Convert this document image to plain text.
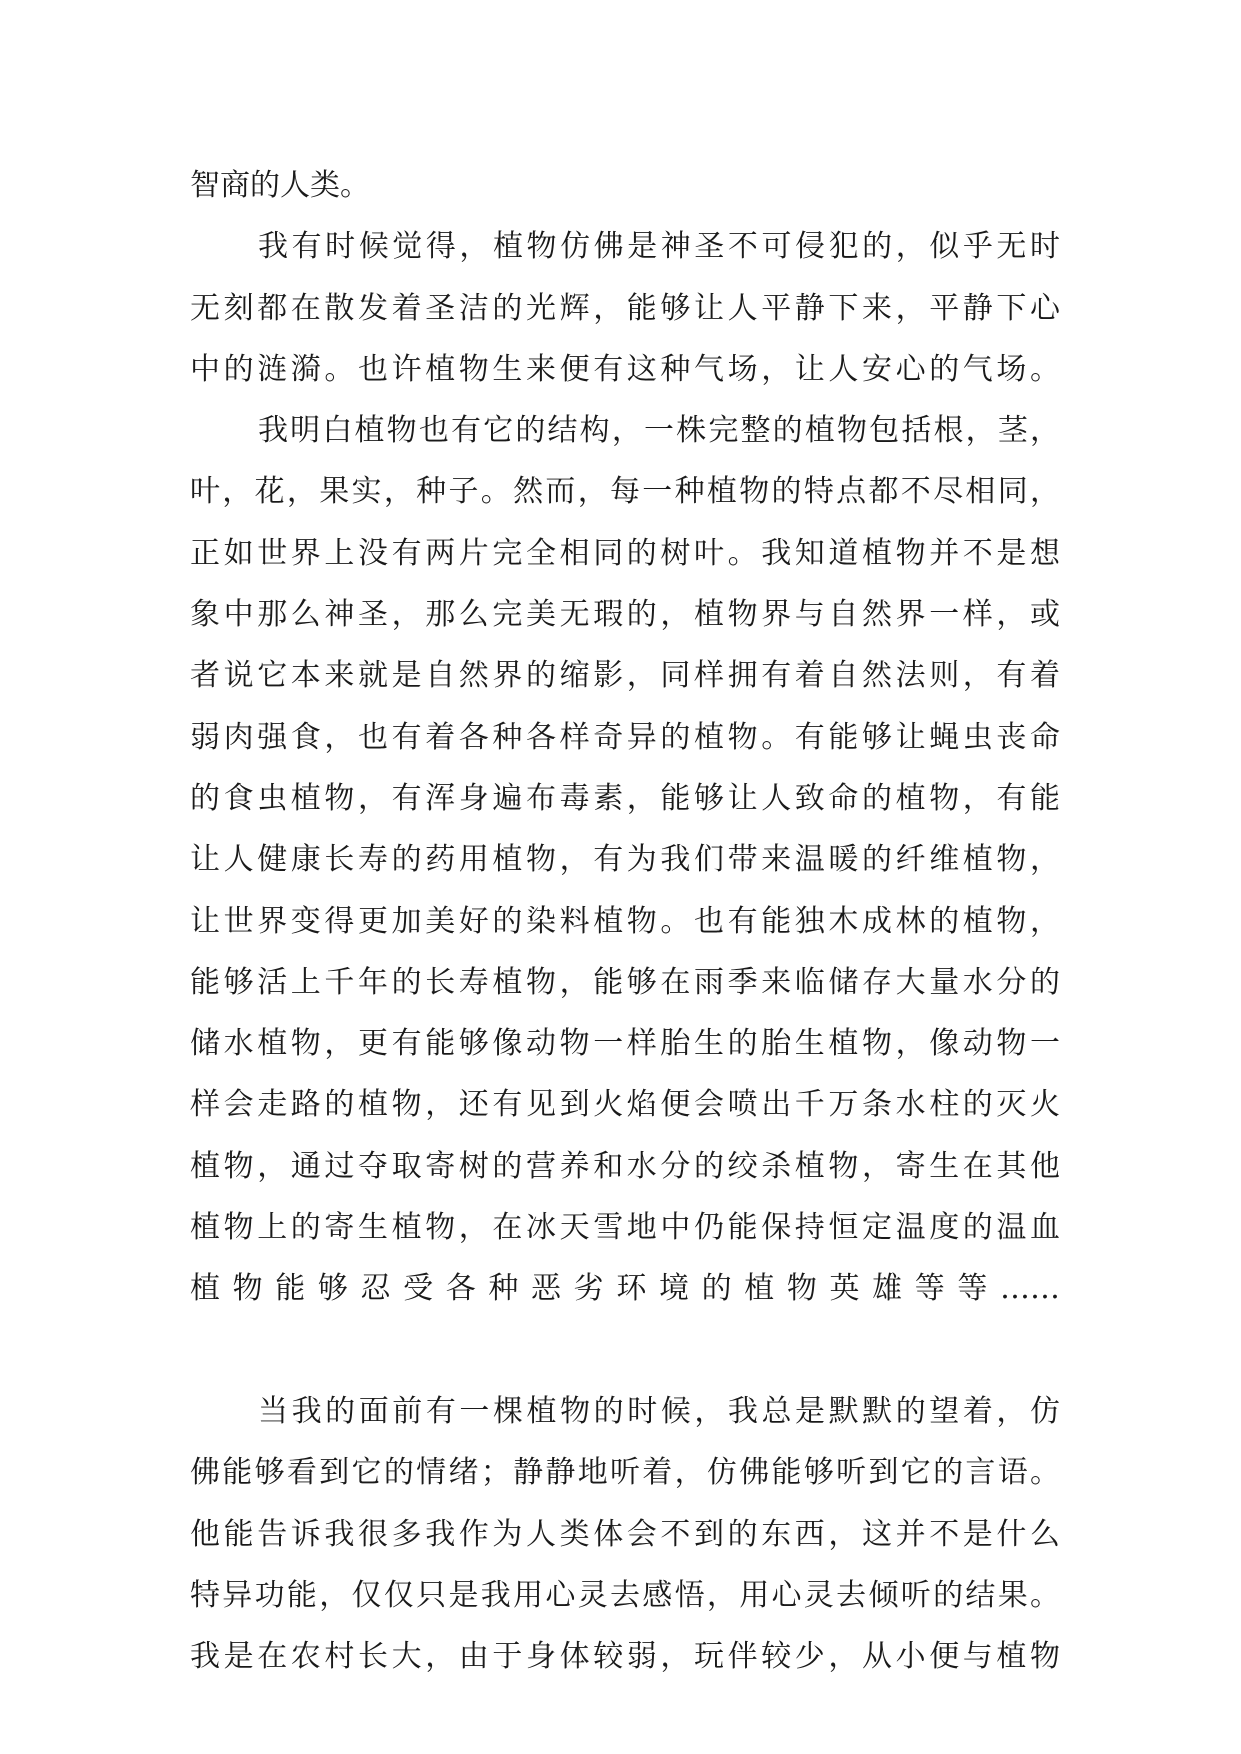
智商的人类。
我有时候觉得，植物仿佛是神圣不可侵犯的，似乎无时
无刻都在散发着圣洁的光辉，能够让人平静下来，平静下心
中的涟漪。也许植物生来便有这种气场，让人安心的气场。
我明白植物也有它的结构，一株完整的植物包括根，茎，
叶，花，果实，种子。然而，每一种植物的特点都不尽相同，
正如世界上没有两片完全相同的树叶。我知道植物并不是想
象中那么神圣，那么完美无瑕的，植物界与自然界一样，或
者说它本来就是自然界的缩影，同样拥有着自然法则，有着
弱肉强食，也有着各种各样奇异的植物。有能够让蝇虫丧命
的食虫植物，有浑身遍布毒素，能够让人致命的植物，有能
让人健康长寿的药用植物，有为我们带来温暖的纤维植物，
让世界变得更加美好的染料植物。也有能独木成林的植物，
能够活上千年的长寿植物，能够在雨季来临储存大量水分的
储水植物，更有能够像动物一样胎生的胎生植物，像动物一
样会走路的植物，还有见到火焰便会喷出千万条水柱的灭火
植物，通过夺取寄树的营养和水分的绞杀植物，寄生在其他
植物上的寄生植物，在冰天雪地中仍能保持恒定温度的温血
植物能够忍受各种恶劣环境的植物英雄等等……
当我的面前有一棵植物的时候，我总是默默的望着，仿
佛能够看到它的情绪；静静地听着，仿佛能够听到它的言语。
他能告诉我很多我作为人类体会不到的东西，这并不是什么
特异功能，仅仅只是我用心灵去感悟，用心灵去倾听的结果。
我是在农村长大，由于身体较弱，玩伴较少，从小便与植物
